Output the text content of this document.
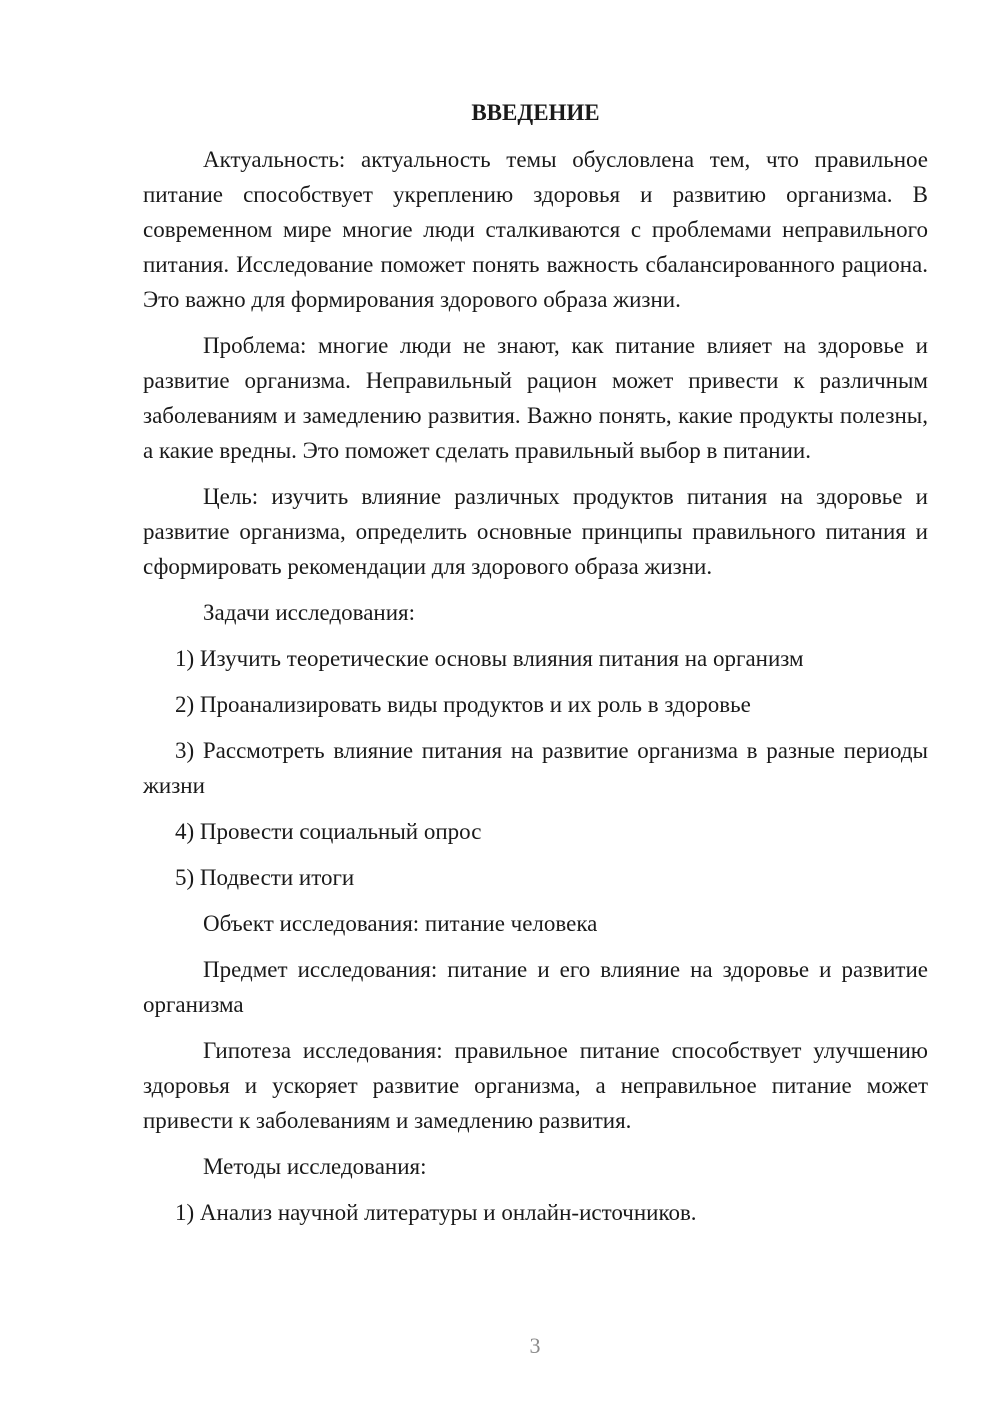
ВВЕДЕНИЕ

Актуальность: актуальность темы обусловлена тем, что правильное питание способствует укреплению здоровья и развитию организма. В современном мире многие люди сталкиваются с проблемами неправильного питания. Исследование поможет понять важность сбалансированного рациона. Это важно для формирования здорового образа жизни.

Проблема: многие люди не знают, как питание влияет на здоровье и развитие организма. Неправильный рацион может привести к различным заболеваниям и замедлению развития. Важно понять, какие продукты полезны, а какие вредны. Это поможет сделать правильный выбор в питании.

Цель: изучить влияние различных продуктов питания на здоровье и развитие организма, определить основные принципы правильного питания и сформировать рекомендации для здорового образа жизни.

Задачи исследования:

1) Изучить теоретические основы влияния питания на организм

2) Проанализировать виды продуктов и их роль в здоровье

3) Рассмотреть влияние питания на развитие организма в разные периоды жизни

4) Провести социальный опрос

5) Подвести итоги

Объект исследования: питание человека

Предмет исследования: питание и его влияние на здоровье и развитие организма

Гипотеза исследования: правильное питание способствует улучшению здоровья и ускоряет развитие организма, а неправильное питание может привести к заболеваниям и замедлению развития.

Методы исследования:

1) Анализ научной литературы и онлайн-источников.

3
